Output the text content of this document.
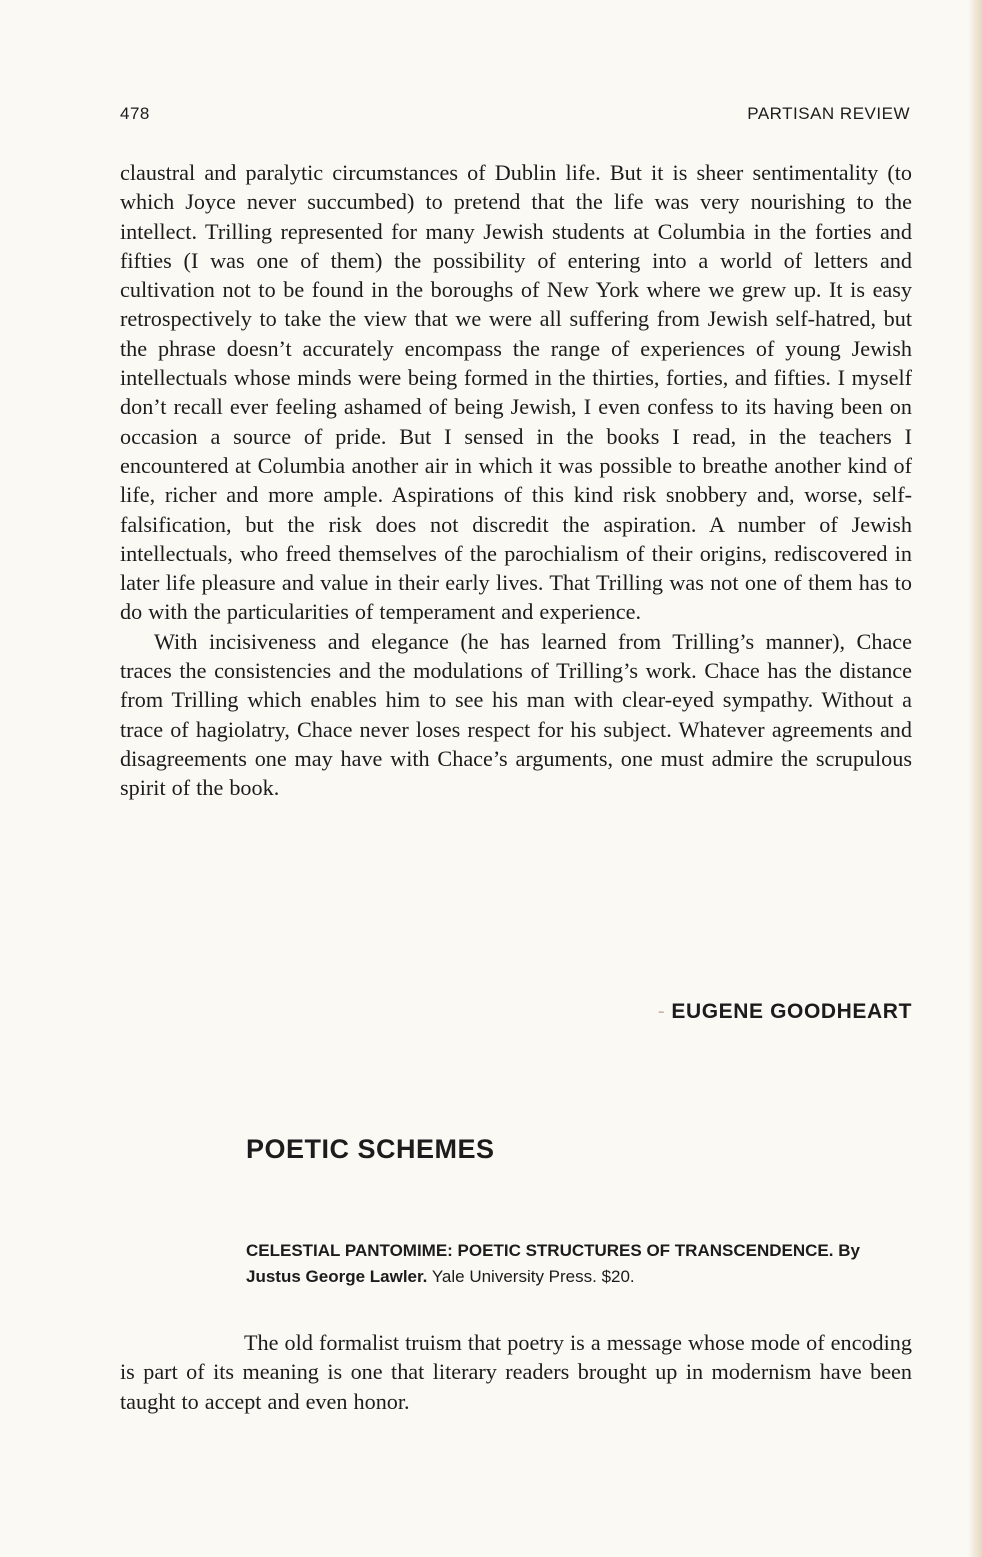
478	PARTISAN REVIEW

claustral and paralytic circumstances of Dublin life. But it is sheer sentimentality (to which Joyce never succumbed) to pretend that the life was very nourishing to the intellect. Trilling represented for many Jewish students at Columbia in the forties and fifties (I was one of them) the possibility of entering into a world of letters and cultivation not to be found in the boroughs of New York where we grew up. It is easy retrospectively to take the view that we were all suffering from Jewish self-hatred, but the phrase doesn’t accurately encompass the range of experiences of young Jewish intellectuals whose minds were being formed in the thirties, forties, and fifties. I myself don’t recall ever feeling ashamed of being Jewish, I even confess to its having been on occasion a source of pride. But I sensed in the books I read, in the teachers I encountered at Columbia another air in which it was possible to breathe another kind of life, richer and more ample. Aspirations of this kind risk snobbery and, worse, self-falsification, but the risk does not discredit the aspiration. A number of Jewish intellectuals, who freed themselves of the parochialism of their origins, rediscovered in later life pleasure and value in their early lives. That Trilling was not one of them has to do with the particularities of temperament and experience.

With incisiveness and elegance (he has learned from Trilling’s manner), Chace traces the consistencies and the modulations of Trilling’s work. Chace has the distance from Trilling which enables him to see his man with clear-eyed sympathy. Without a trace of hagiolatry, Chace never loses respect for his subject. Whatever agreements and disagreements one may have with Chace’s arguments, one must admire the scrupulous spirit of the book.

- EUGENE GOODHEART
POETIC SCHEMES

CELESTIAL PANTOMIME: POETIC STRUCTURES OF TRANSCENDENCE. By Justus George Lawler. Yale University Press. $20.

The old formalist truism that poetry is a message whose mode of encoding is part of its meaning is one that literary readers brought up in modernism have been taught to accept and even honor.
